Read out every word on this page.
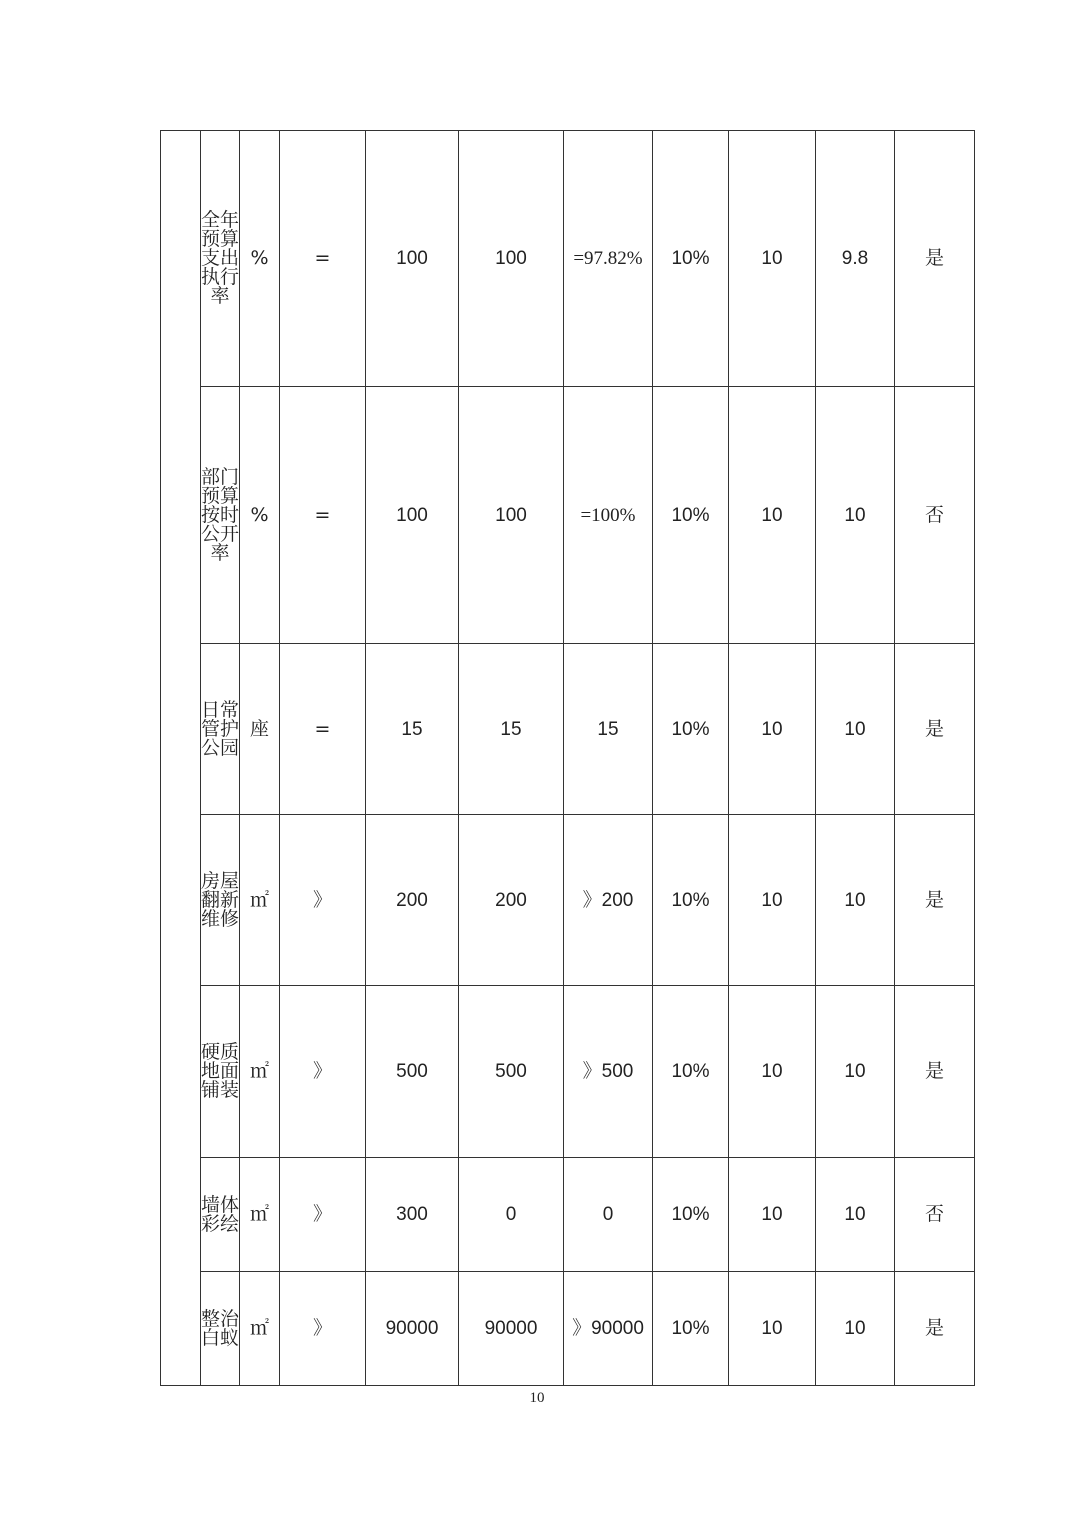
	全年预算支出执行率	%	=	100	100	=97.82%	10%	10	9.8	是

	部门预算按时公开率	%	=	100	100	=100%	10%	10	10	否

	日常管护公园	座	=	15	15	15	10%	10	10	是

	房屋翻新维修	㎡	》	200	200	》200	10%	10	10	是

	硬质地面铺装	㎡	》	500	500	》500	10%	10	10	是

	墙体彩绘	㎡	》	300	0	0	10%	10	10	否

	整治白蚁	㎡	》	90000	90000	》90000	10%	10	10	是
10
